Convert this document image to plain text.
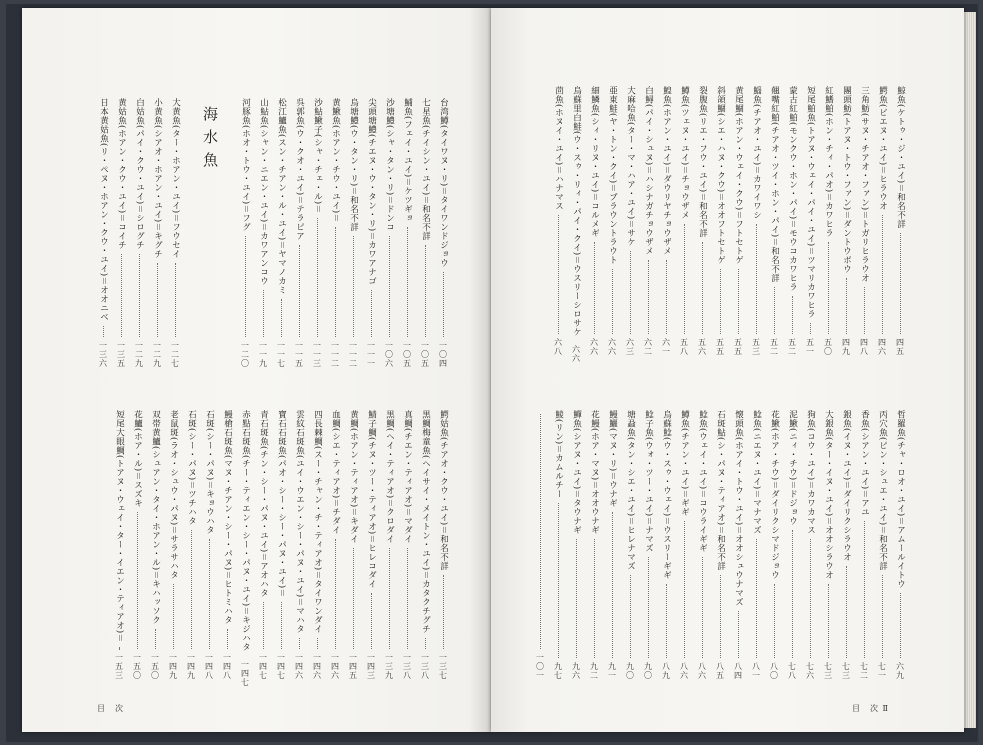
台湾鱒(タイワヌ・リ)＝タイワンドジョウ
一〇四
七星魚(チイシン・ユイ)＝和名不詳
一〇五
鯆魚(フェイ・ユイ)＝ケツギョ
一〇五
沙塘鱧(シャ・タン・リ)＝ドンコ
一〇六
尖頭塘鱧(チエヌ・ウ・タン・リ)＝カワアナゴ
一一一
烏塘鱧(ウ・タン・リ)＝和名不詳
一一二
黄鰍魚(ホアン・チウ・ユイ)＝
一一二
沙鮎鰍子(シャ・チェ・ル)＝
一一三
呉郭魚(ウ・クオ・ユイ)＝テラピア
一一五
松江鱸魚(スン・チアン・ル・ユイ)＝ヤマノカミ
一一七
山鮎魚(シャン・ニエン・ユイ)＝カワアンコウ
一一九
河豚魚(ホオ・トウ・ユイ)＝フグ
一二〇
海水魚
大黄魚(ター・ホアン・ユイ)＝フウセイ
一二七
小黄魚(シアオ・ホアン・ユイ)＝キグチ
一二九
白姑魚(パイ・クウ・ユイ)＝シログチ
一二九
黄姑魚(ホアン・クウ・ユイ)＝コイチ
一三五
日本黄姑魚(リ・ペヌ・ホアン・クウ・ユイ)＝オオニベ
一三六
鰐姑魚(チアオ・クウ・ユイ)＝和名不詳
一三七
黒鯛梅童魚(ヘイサイ・メイトン・ユイ)＝カタクチグチ
一三八
真鯛(チエン・ティアオ)＝マダイ
一三八
黒鯛(ヘイ・ティアオ)＝クロダイ
一三九
鯖子鯛(チヌ・ツー・ティアオ)＝ヒレコダイ
一四三
黄鯛(ホアン・ティアオ)＝キダイ
一四五
血鯛(シエ・ティアオ)＝チダイ
一四六
四長棘鯛(スー・チャン・チ・ティアオ)＝タイワンダイ
一四六
雲紋石斑魚(ユイ・ウエン・シー・パヌ・ユイ)＝マハタ
一四六
寶石石斑魚(パオ・シー・シー・パヌ・ユイ)＝
一四七
青石斑魚(チン・シー・パヌ・ユイ)＝アオハタ
一四七
赤點石斑魚(チー・ティエン・シー・パヌ・ユイ)＝キジハタ
一四七
鰻槍石斑魚(マヌ・チアン・シー・パヌ)＝ヒトミハタ
一四八
石斑(シー・パヌ)＝キョウハタ
一四八
石斑(シー・パヌ)＝ツチハタ
一四九
老鼠斑(ラオ・シュウ・パヌ)＝サラサハタ
一四九
双帯黄鱸(シュアン・タイ・ホアン・ル)＝キハッソク
一五〇
花鱸(ホア・ル)＝スズキ
一五〇
短尾大眼鯛(トアヌ・ウェイ・ター・イエン・ティアオ)＝
一五三
目　次
鯨魚(ケトゥ・ジ・ユイ)＝和名不詳
四五
鰐魚(ビエヌ・ユイ)＝ヒラウオ
四六
三角魴(サヌ・チアオ・ファン)＝トガリヒラウオ
四八
團頭魴(トアヌ・トウ・ファン)＝ダントウボウ
四九
紅鰭鮊(ホン・チィ・パオ)＝カワヒラ
五〇
短尾鮊魚(トアヌ・ウェイ・パイ・ユイ)＝ツマリカワヒラ
五一
蒙古紅鮊(モンクウ・ホン・パイ)＝モウコカワヒラ
五二
翹嘴紅鮊(チアオ・ツイ・ホン・パイ)＝和名不詳
五二
鯔魚(チアオ・ユイ)＝カワイワシ
五三
黄尾鯝(ホアン・ウェイ・クウ)＝フトセトゲ
五五
斜頜鯝(シエ・ハヌ・クウ)＝オオフトセトゲ
五五
裂腹魚(リエ・フウ・ユイ)＝和名不詳
五六
鱒魚(ツェヌ・ユイ)＝チョウザメ
五八
鰉魚(ホアン・ユイ)＝ダウリヤチョウザメ
六一
白鱘(パイ・シュヌ)＝ハシナガチョウザメ
六二
大麻哈魚(ター・マ・ハア・ユイ)＝サケ
六三
亜東鮭(ヤ・トン・クイ)＝ブラウントラウト
六六
細鱗魚(シィ・リヌ・ユイ)＝コルメギ
六六
烏蘇里白鮭(ウ・スゥ・リィ・パイ・クイ)＝ウスリーシロサケ
六六
茴魚(ホヌイ・ユイ)＝ハナマス
六八
哲羅魚(チャ・ロオ・ユイ)＝アムールイトウ
六九
丙穴魚(ピン・シュエ・ユイ)＝和名不詳
七一
香魚(シアン・ユイ)＝アユ
七二
銀魚(イヌ・ユイ)＝ダイリクシラウオ
七三
大銀魚(ター・イヌ・ユイ)＝オオシラウオ
七三
狗魚(コウ・ユイ)＝カワカマス
七六
泥鰍(ニィ・チウ)＝ドジョウ
七八
花鰍(ホア・チウ)＝ダイリクシマドジョウ
八〇
鯰魚(ニエヌ・ユイ)＝マナマズ
八一
懐頭魚(ホアイ・トウ・ユイ)＝オオシュウナマズ
八四
石斑鮎(シ・パヌ・ティアオ)＝和名不詳
八五
鯰魚(ウェイ・ユイ)＝コウライギギ
八六
鱒魚(チアン・ユイ)＝ギギ
八六
烏蘇鯰(ウ・スゥ・ウェイ)＝ウスリーギギ
八九
鯰子魚(ウォ・ツー・ユイ)＝ナマズ
九〇
塘蝨魚(タン・シエ・ユイ)＝ヒレナマズ
九〇
鰻鱺(マヌ・リ)＝ウナギ
九一
花鰻(ホア・マヌ)＝オオウナギ
九二
鱓魚(シアヌ・ユイ)＝タウナギ
九六
鯪(リン)＝カムルチー
九七
一〇一
目　次 Ⅱ
